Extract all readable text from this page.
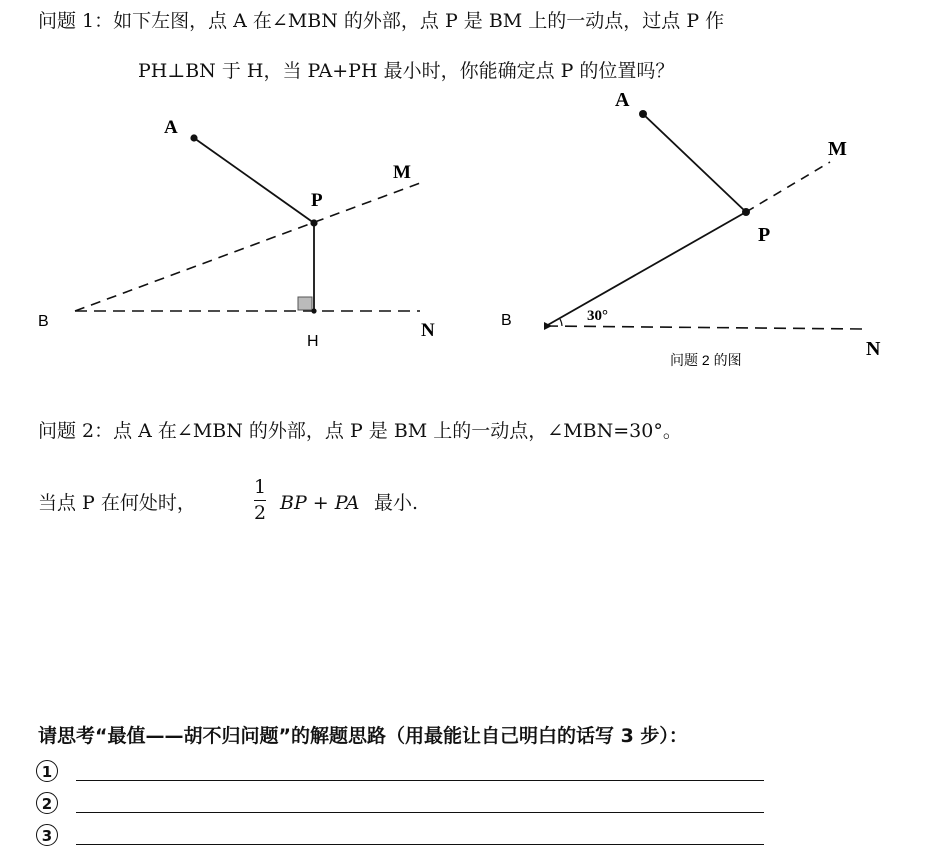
问题 1：如下左图，点 A 在∠MBN 的外部，点 P 是 BM 上的一动点，过点 P 作
PH⊥BN 于 H，当 PA+PH 最小时，你能确定点 P 的位置吗？
A
P
M
B
H
N
A
M
P
B	30°
N
问题 2 的图
问题 2：点 A 在∠MBN 的外部，点 P 是 BM 上的一动点，∠MBN=30°。
当点 P 在何处时，
1
2 BP + PA 最小.
请思考“最值——胡不归问题”的解题思路（用最能让自己明白的话写 3 步）：
1
2
3
